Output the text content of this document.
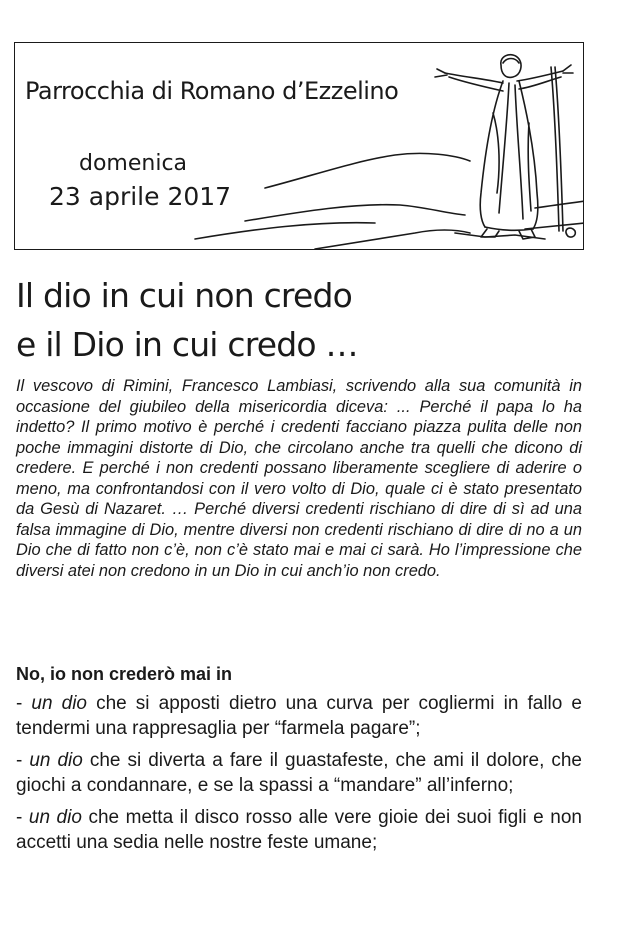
Parrocchia di Romano d’Ezzelino
domenica
23 aprile 2017
Il dio in cui non credo
e il Dio in cui credo …

Il vescovo di Rimini, Francesco Lambiasi, scrivendo alla sua comunità in occasione del giubileo della misericordia diceva: ... Perché il papa lo ha indetto? Il primo motivo è perché i credenti facciano piazza pulita delle non poche immagini distorte di Dio, che circolano anche tra quelli che dicono di credere. E perché i non credenti possano liberamente scegliere di aderire o meno, ma confrontandosi con il vero volto di Dio, quale ci è stato presentato da Gesù di Nazaret. … Perché diversi credenti rischiano di dire di sì ad una falsa immagine di Dio, mentre diversi non credenti rischiano di dire di no a un Dio che di fatto non c’è, non c’è stato mai e mai ci sarà. Ho l’impressione che diversi atei non credono in un Dio in cui anch’io non credo.

No, io non crederò mai in
- un dio che si apposti dietro una curva per cogliermi in fallo e tendermi una rappresaglia per “farmela pagare”;
- un dio che si diverta a fare il guastafeste, che ami il dolore, che giochi a condannare, e se la spassi a “mandare” all’inferno;
- un dio che metta il disco rosso alle vere gioie dei suoi figli e non accetti una sedia nelle nostre feste umane;
